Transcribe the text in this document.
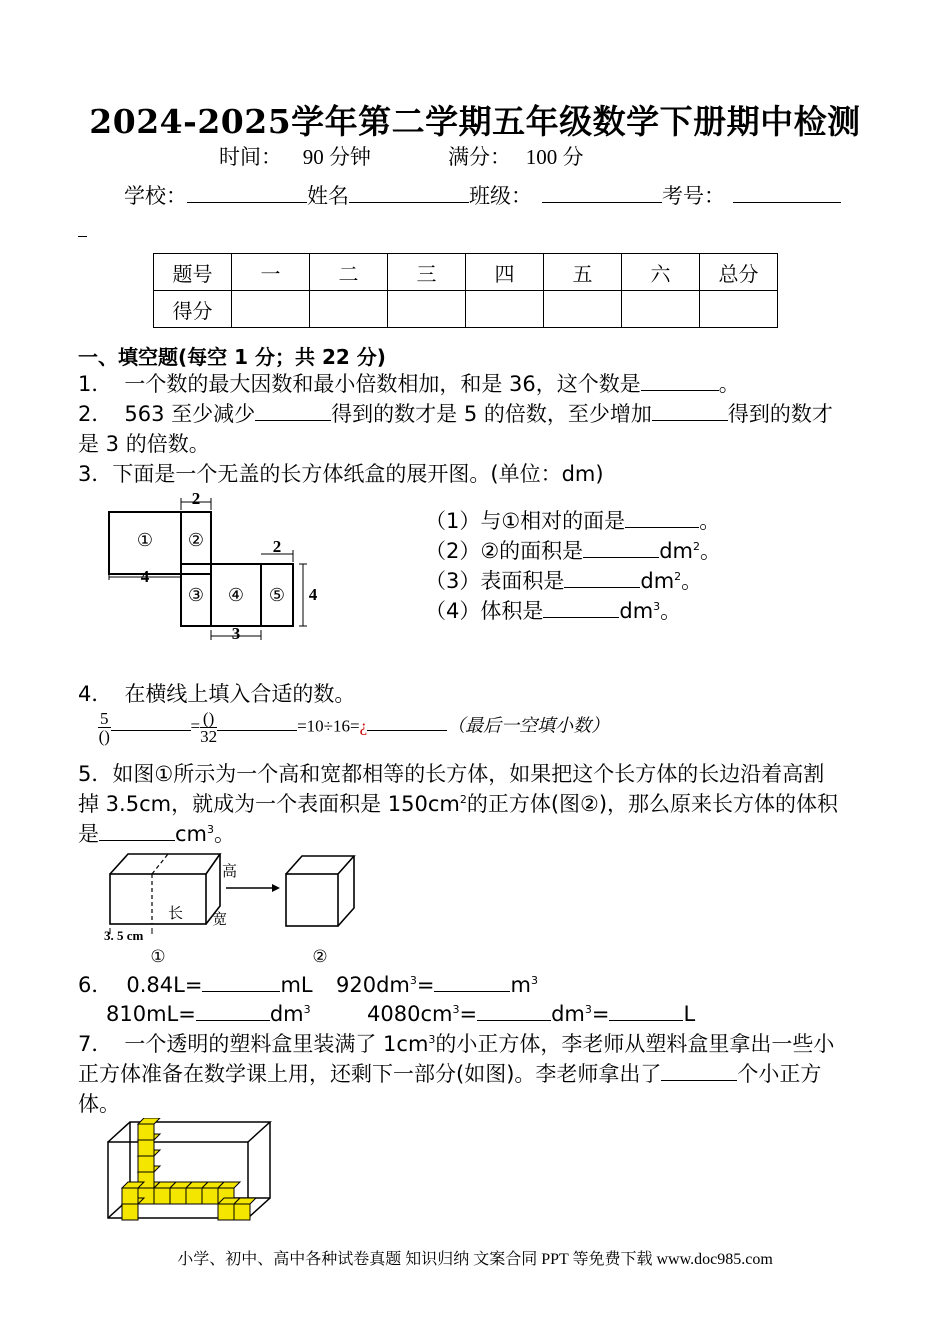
2024-2025学年第二学期五年级数学下册期中检测
时间： 90 分钟	满分： 100 分
学校：	姓名	班级：	考号：
题号	一	二	三	四	五	六	总分
得分							
一、填空题(每空 1 分；共 22 分)
1． 一个数的最大因数和最小倍数相加，和是 36，这个数是	。
2． 563 至少减少	得到的数才是 5 的倍数，至少增加	得到的数才
是 3 的倍数。
3．下面是一个无盖的长方体纸盒的展开图。(单位：dm)
① ②
③ ④ ⑤
2
2
4
4
3
（1）与①相对的面是	。
（2）②的面积是	$dm^2$。
（3）表面积是	$dm^2$。
（4）体积是	$dm^3$。
4． 在横线上填入合适的数。
$\frac{5}{()}$	= $\frac{()}{32}$	=10÷16=¿	（最后一空填小数）
5．如图①所示为一个高和宽都相等的长方体，如果把这个长方体的长边沿着高割
掉 3.5cm，就成为一个表面积是 $150cm^2$的正方体(图②)，那么原来长方体的体积
是	$cm^3$。
高
长 宽
3. 5 cm
①	②
6． 0.84L=	mL $920dm^3=$	$m^3$
810mL=	$dm^3$	$4080cm^3=$	$dm^3=$	L
7． 一个透明的塑料盒里装满了 $1cm^3$的小正方体，李老师从塑料盒里拿出一些小
正方体准备在数学课上用，还剩下一部分(如图)。李老师拿出了	个小正方
体。
小学、初中、高中各种试卷真题 知识归纳 文案合同 PPT 等免费下载 www.doc985.com
